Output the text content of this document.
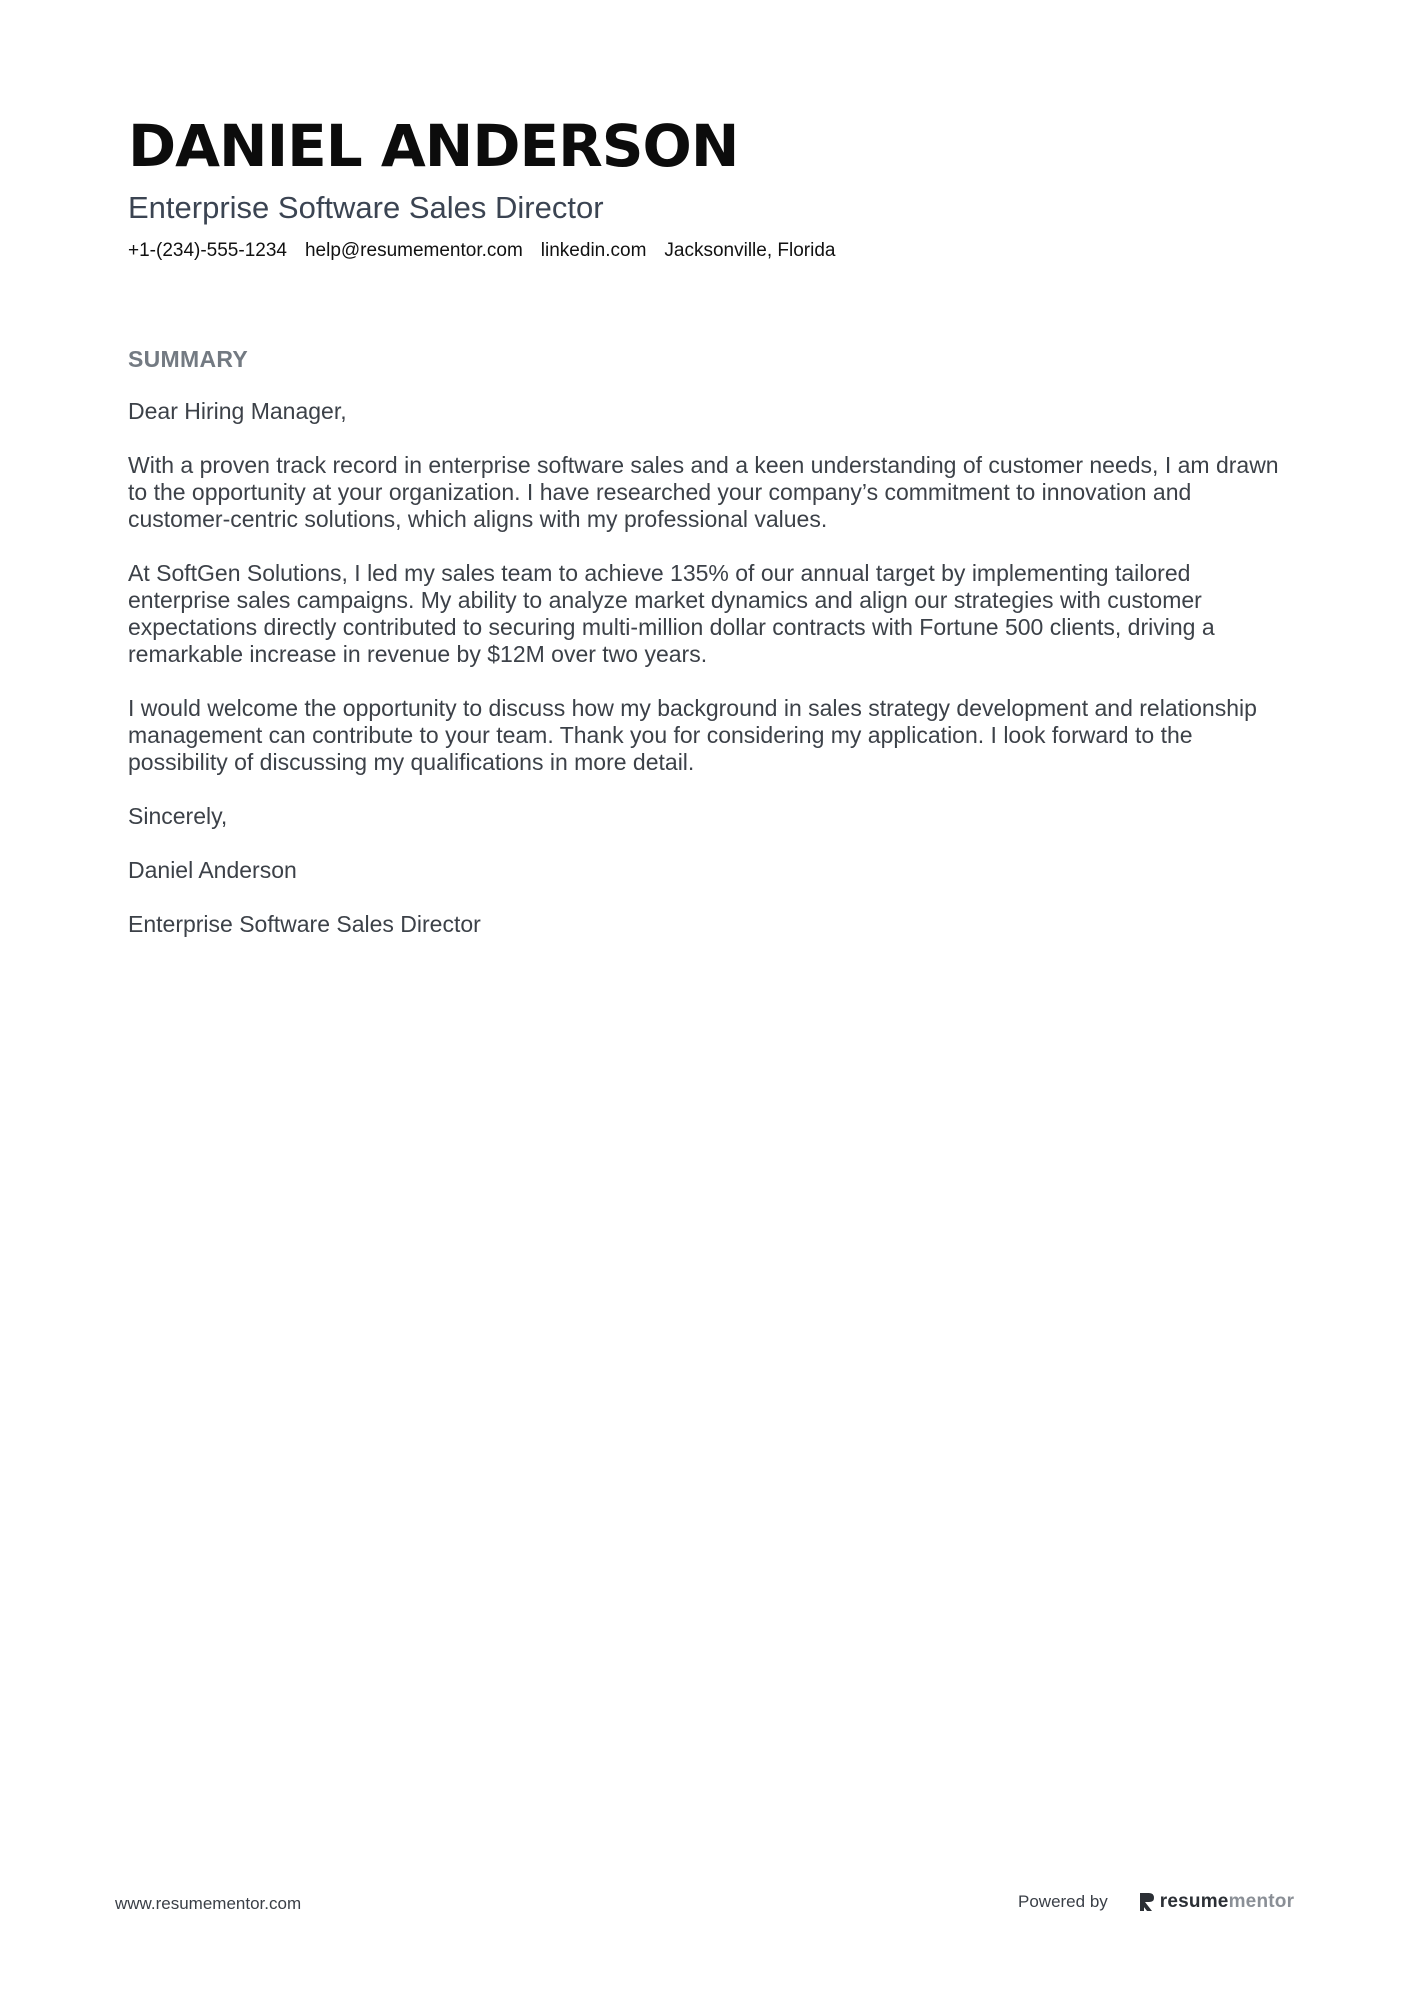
DANIEL ANDERSON
Enterprise Software Sales Director
+1-(234)-555-1234 help@resumementor.com linkedin.com Jacksonville, Florida
SUMMARY

Dear Hiring Manager,

With a proven track record in enterprise software sales and a keen understanding of customer needs, I am drawn to the opportunity at your organization. I have researched your company’s commitment to innovation and customer-centric solutions, which aligns with my professional values.

At SoftGen Solutions, I led my sales team to achieve 135% of our annual target by implementing tailored enterprise sales campaigns. My ability to analyze market dynamics and align our strategies with customer expectations directly contributed to securing multi-million dollar contracts with Fortune 500 clients, driving a remarkable increase in revenue by $12M over two years.

I would welcome the opportunity to discuss how my background in sales strategy development and relationship management can contribute to your team. Thank you for considering my application. I look forward to the possibility of discussing my qualifications in more detail.

Sincerely,

Daniel Anderson

Enterprise Software Sales Director

www.resumementor.com	Powered by	resumementor
